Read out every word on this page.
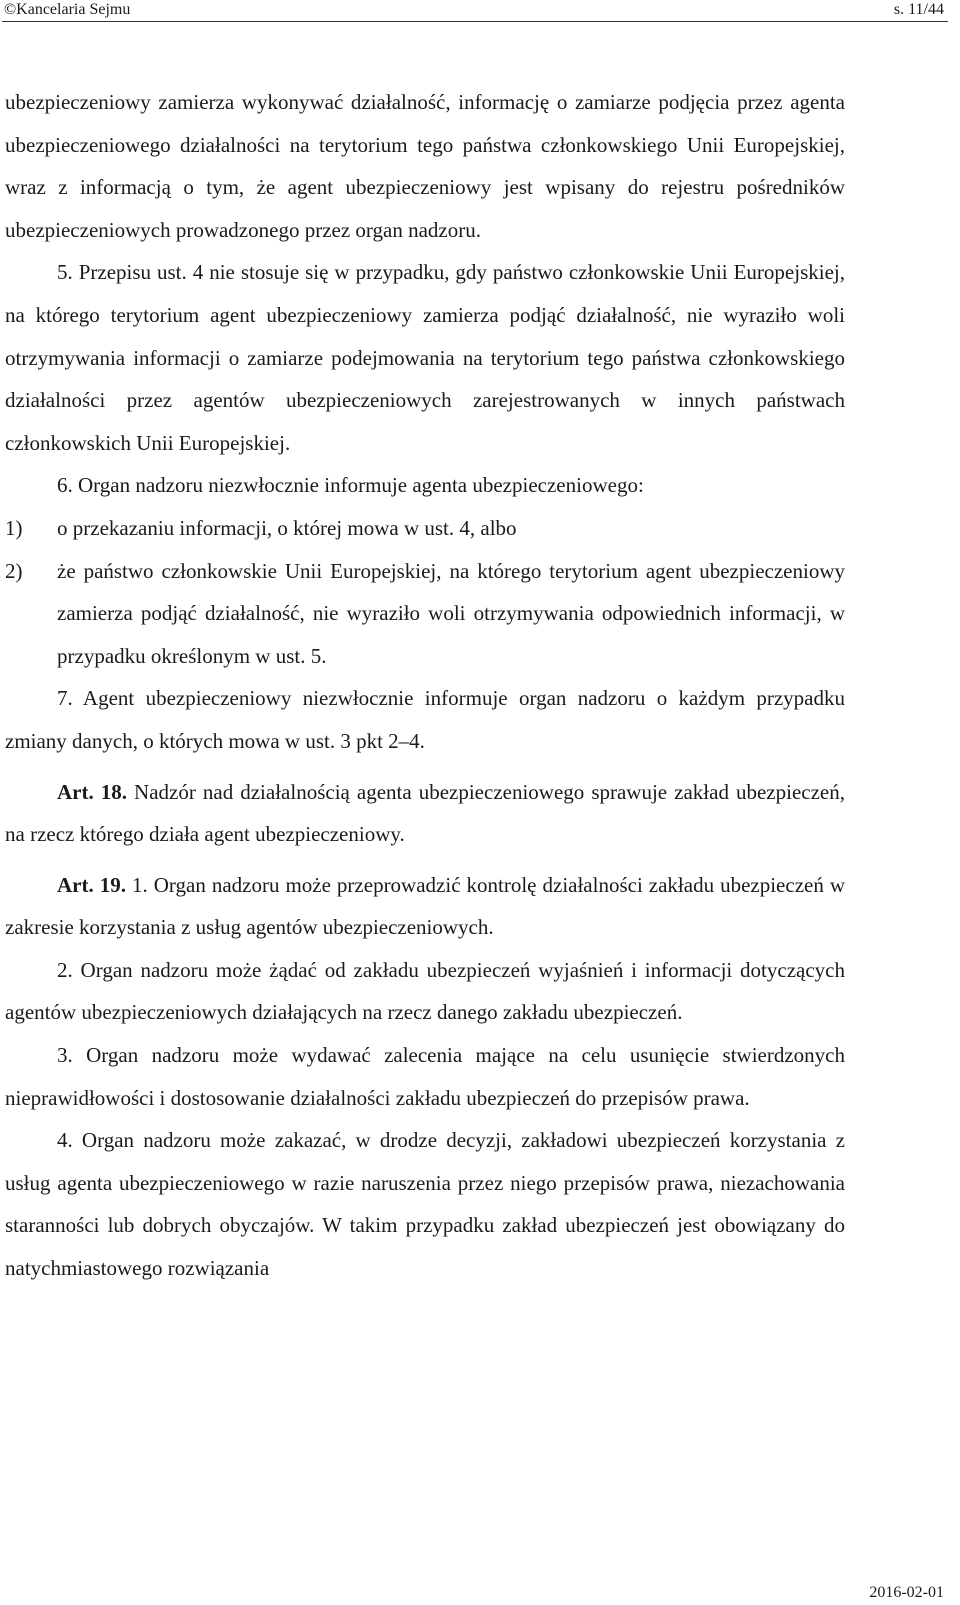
©Kancelaria Sejmu	s. 11/44

ubezpieczeniowy zamierza wykonywać działalność, informację o zamiarze podjęcia przez agenta ubezpieczeniowego działalności na terytorium tego państwa członkowskiego Unii Europejskiej, wraz z informacją o tym, że agent ubezpieczeniowy jest wpisany do rejestru pośredników ubezpieczeniowych prowadzonego przez organ nadzoru.

5. Przepisu ust. 4 nie stosuje się w przypadku, gdy państwo członkowskie Unii Europejskiej, na którego terytorium agent ubezpieczeniowy zamierza podjąć działalność, nie wyraziło woli otrzymywania informacji o zamiarze podejmowania na terytorium tego państwa członkowskiego działalności przez agentów ubezpieczeniowych zarejestrowanych w innych państwach członkowskich Unii Europejskiej.

6. Organ nadzoru niezwłocznie informuje agenta ubezpieczeniowego:

1)	o przekazaniu informacji, o której mowa w ust. 4, albo
2)	że państwo członkowskie Unii Europejskiej, na którego terytorium agent ubezpieczeniowy zamierza podjąć działalność, nie wyraziło woli otrzymywania odpowiednich informacji, w przypadku określonym w ust. 5.

7. Agent ubezpieczeniowy niezwłocznie informuje organ nadzoru o każdym przypadku zmiany danych, o których mowa w ust. 3 pkt 2–4.

Art. 18. Nadzór nad działalnością agenta ubezpieczeniowego sprawuje zakład ubezpieczeń, na rzecz którego działa agent ubezpieczeniowy.

Art. 19. 1. Organ nadzoru może przeprowadzić kontrolę działalności zakładu ubezpieczeń w zakresie korzystania z usług agentów ubezpieczeniowych.

2. Organ nadzoru może żądać od zakładu ubezpieczeń wyjaśnień i informacji dotyczących agentów ubezpieczeniowych działających na rzecz danego zakładu ubezpieczeń.

3. Organ nadzoru może wydawać zalecenia mające na celu usunięcie stwierdzonych nieprawidłowości i dostosowanie działalności zakładu ubezpieczeń do przepisów prawa.

4. Organ nadzoru może zakazać, w drodze decyzji, zakładowi ubezpieczeń korzystania z usług agenta ubezpieczeniowego w razie naruszenia przez niego przepisów prawa, niezachowania staranności lub dobrych obyczajów. W takim przypadku zakład ubezpieczeń jest obowiązany do natychmiastowego rozwiązania

2016-02-01
